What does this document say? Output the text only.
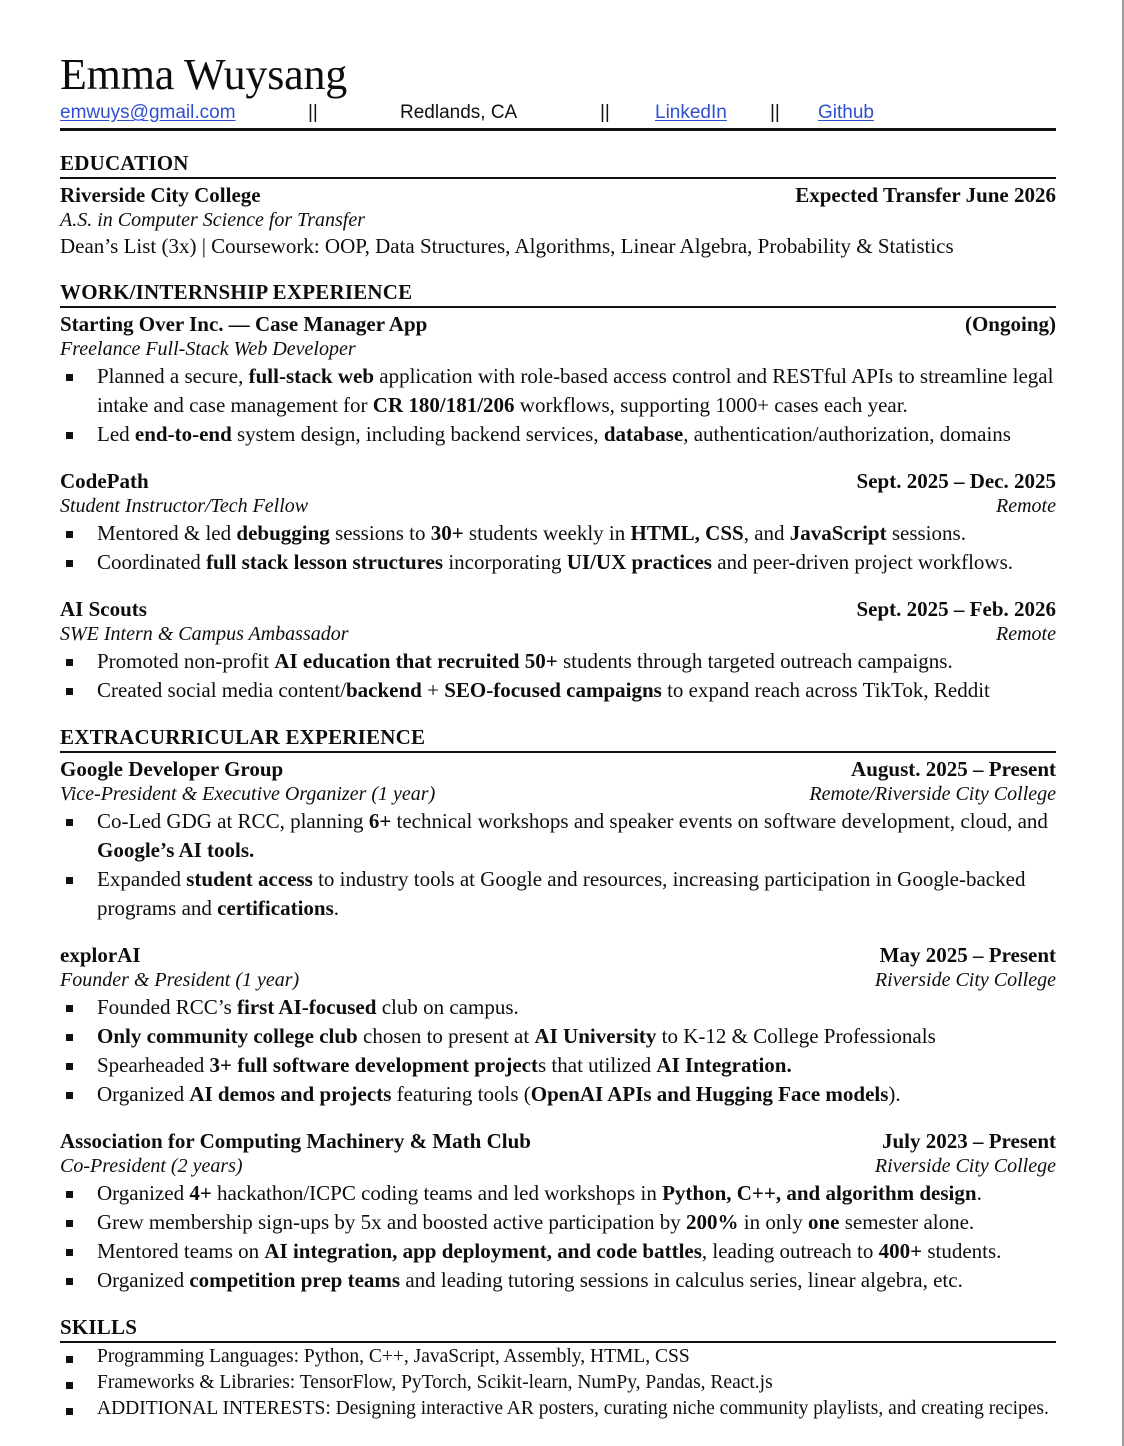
Emma Wuysang
emwuys@gmail.com	||	Redlands, CA	||	LinkedIn	||	Github
EDUCATION
Riverside City College	Expected Transfer June 2026
A.S. in Computer Science for Transfer
Dean’s List (3x) | Coursework: OOP, Data Structures, Algorithms, Linear Algebra, Probability & Statistics
WORK/INTERNSHIP EXPERIENCE
Starting Over Inc. — Case Manager App	(Ongoing)
Freelance Full-Stack Web Developer
Planned a secure, full-stack web application with role-based access control and RESTful APIs to streamline legal intake and case management for CR 180/181/206 workflows, supporting 1000+ cases each year.
Led end-to-end system design, including backend services, database, authentication/authorization, domains
CodePath	Sept. 2025 – Dec. 2025
Student Instructor/Tech Fellow	Remote
Mentored & led debugging sessions to 30+ students weekly in HTML, CSS, and JavaScript sessions.
Coordinated full stack lesson structures incorporating UI/UX practices and peer-driven project workflows.
AI Scouts	Sept. 2025 – Feb. 2026
SWE Intern & Campus Ambassador	Remote
Promoted non-profit AI education that recruited 50+ students through targeted outreach campaigns.
Created social media content/backend + SEO-focused campaigns to expand reach across TikTok, Reddit
EXTRACURRICULAR EXPERIENCE
Google Developer Group	August. 2025 – Present
Vice-President & Executive Organizer (1 year)	Remote/Riverside City College
Co-Led GDG at RCC, planning 6+ technical workshops and speaker events on software development, cloud, and Google’s AI tools.
Expanded student access to industry tools at Google and resources, increasing participation in Google-backed programs and certifications.
explorAI	May 2025 – Present
Founder & President (1 year)	Riverside City College
Founded RCC’s first AI-focused club on campus.
Only community college club chosen to present at AI University to K-12 & College Professionals
Spearheaded 3+ full software development projects that utilized AI Integration.
Organized AI demos and projects featuring tools (OpenAI APIs and Hugging Face models).
Association for Computing Machinery & Math Club	July 2023 – Present
Co-President (2 years)	Riverside City College
Organized 4+ hackathon/ICPC coding teams and led workshops in Python, C++, and algorithm design.
Grew membership sign-ups by 5x and boosted active participation by 200% in only one semester alone.
Mentored teams on AI integration, app deployment, and code battles, leading outreach to 400+ students.
Organized competition prep teams and leading tutoring sessions in calculus series, linear algebra, etc.
SKILLS
Programming Languages: Python, C++, JavaScript, Assembly, HTML, CSS
Frameworks & Libraries: TensorFlow, PyTorch, Scikit-learn, NumPy, Pandas, React.js
ADDITIONAL INTERESTS: Designing interactive AR posters, curating niche community playlists, and creating recipes.
